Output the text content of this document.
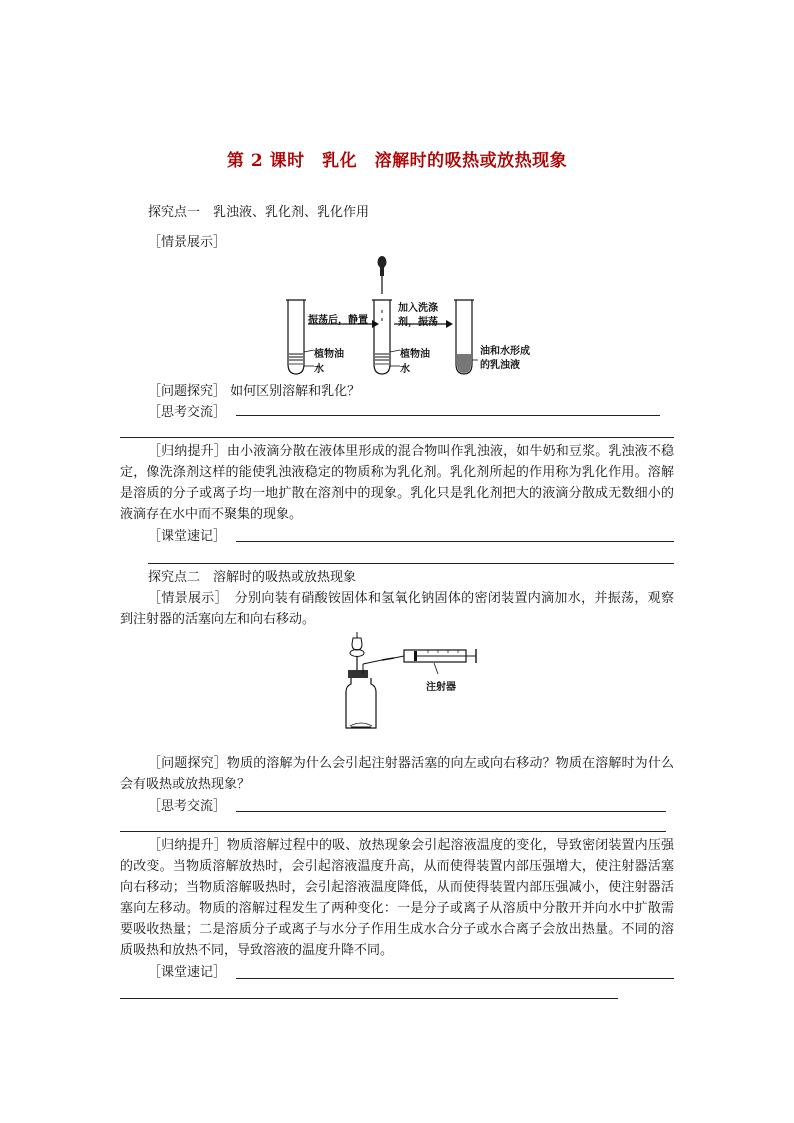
第 2 课时　乳化　溶解时的吸热或放热现象
探究点一　乳浊液、乳化剂、乳化作用
［情景展示］
振荡后，静置
加入洗涤
剂，振荡
植物油
水
植物油
水
油和水形成
的乳浊液
［问题探究］ 如何区别溶解和乳化？
［思考交流］
［归纳提升］由小液滴分散在液体里形成的混合物叫作乳浊液，如牛奶和豆浆。乳浊液不稳定，像洗涤剂这样的能使乳浊液稳定的物质称为乳化剂。乳化剂所起的作用称为乳化作用。溶解是溶质的分子或离子均一地扩散在溶剂中的现象。乳化只是乳化剂把大的液滴分散成无数细小的液滴存在水中而不聚集的现象。
［课堂速记］
探究点二　溶解时的吸热或放热现象
［情景展示］　分别向装有硝酸铵固体和氢氧化钠固体的密闭装置内滴加水，并振荡，观察到注射器的活塞向左和向右移动。
注射器
［问题探究］物质的溶解为什么会引起注射器活塞的向左或向右移动？物质在溶解时为什么会有吸热或放热现象？
［思考交流］
［归纳提升］物质溶解过程中的吸、放热现象会引起溶液温度的变化，导致密闭装置内压强的改变。当物质溶解放热时，会引起溶液温度升高，从而使得装置内部压强增大，使注射器活塞向右移动；当物质溶解吸热时，会引起溶液温度降低，从而使得装置内部压强减小，使注射器活塞向左移动。物质的溶解过程发生了两种变化：一是分子或离子从溶质中分散开并向水中扩散需要吸收热量；二是溶质分子或离子与水分子作用生成水合分子或水合离子会放出热量。不同的溶质吸热和放热不同，导致溶液的温度升降不同。
［课堂速记］
